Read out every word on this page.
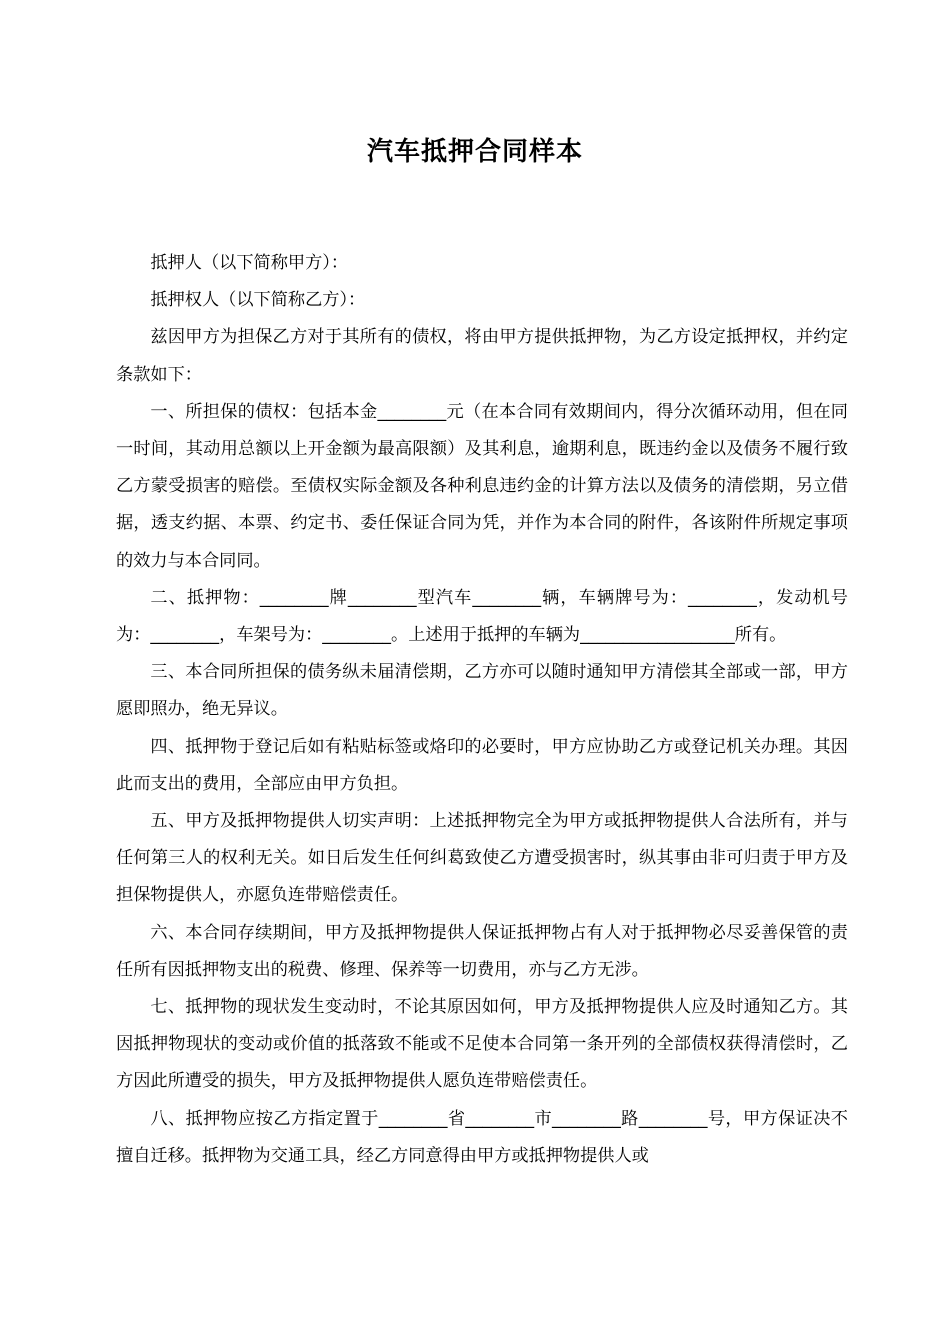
汽车抵押合同样本

抵押人（以下简称甲方）：

抵押权人（以下简称乙方）：

兹因甲方为担保乙方对于其所有的债权，将由甲方提供抵押物，为乙方设定抵押权，并约定条款如下：

一、所担保的债权：包括本金________元（在本合同有效期间内，得分次循环动用，但在同一时间，其动用总额以上开金额为最高限额）及其利息，逾期利息，既违约金以及债务不履行致乙方蒙受损害的赔偿。至债权实际金额及各种利息违约金的计算方法以及债务的清偿期，另立借据，透支约据、本票、约定书、委任保证合同为凭，并作为本合同的附件，各该附件所规定事项的效力与本合同同。

二、抵押物：________牌________型汽车________辆，车辆牌号为：________，发动机号为：________，车架号为：________。上述用于抵押的车辆为__________________所有。

三、本合同所担保的债务纵未届清偿期，乙方亦可以随时通知甲方清偿其全部或一部，甲方愿即照办，绝无异议。

四、抵押物于登记后如有粘贴标签或烙印的必要时，甲方应协助乙方或登记机关办理。其因此而支出的费用，全部应由甲方负担。

五、甲方及抵押物提供人切实声明：上述抵押物完全为甲方或抵押物提供人合法所有，并与任何第三人的权利无关。如日后发生任何纠葛致使乙方遭受损害时，纵其事由非可归责于甲方及担保物提供人，亦愿负连带赔偿责任。

六、本合同存续期间，甲方及抵押物提供人保证抵押物占有人对于抵押物必尽妥善保管的责任所有因抵押物支出的税费、修理、保养等一切费用，亦与乙方无涉。

七、抵押物的现状发生变动时，不论其原因如何，甲方及抵押物提供人应及时通知乙方。其因抵押物现状的变动或价值的抵落致不能或不足使本合同第一条开列的全部债权获得清偿时，乙方因此所遭受的损失，甲方及抵押物提供人愿负连带赔偿责任。

八、抵押物应按乙方指定置于________省________市________路________号，甲方保证决不擅自迁移。抵押物为交通工具，经乙方同意得由甲方或抵押物提供人或
